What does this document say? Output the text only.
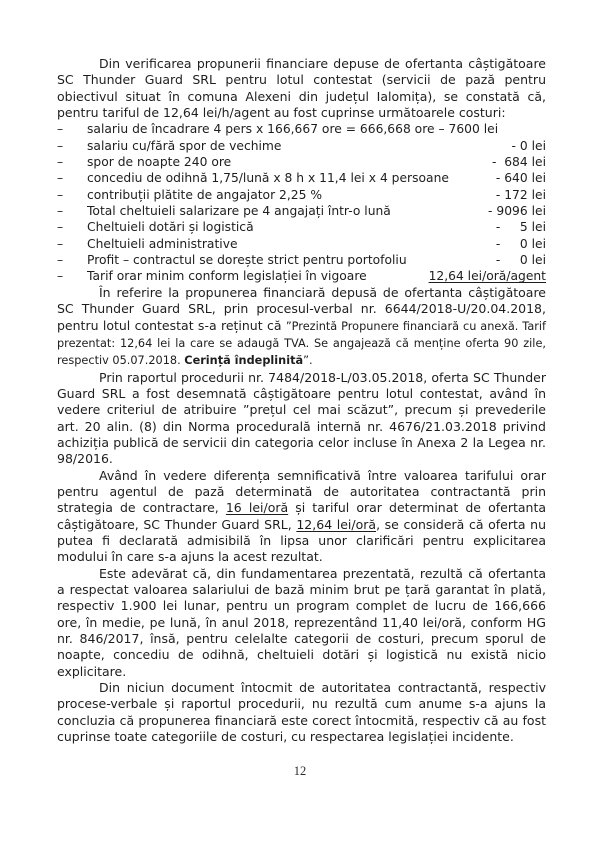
Din verificarea propunerii financiare depuse de ofertanta câștigătoare SC Thunder Guard SRL pentru lotul contestat (servicii de pază pentru obiectivul situat în comuna Alexeni din județul Ialomița), se constată că, pentru tariful de 12,64 lei/h/agent au fost cuprinse următoarele costuri:

–	salariu de încadrare 4 pers x 166,667 ore = 666,668 ore – 7600 lei
–	salariu cu/fără spor de vechime	- 0 lei
–	spor de noapte 240 ore	-  684 lei
–	concediu de odihnă 1,75/lună x 8 h x 11,4 lei x 4 persoane	- 640 lei
–	contribuții plătite de angajator 2,25 %	- 172 lei
–	Total cheltuieli salarizare pe 4 angajați într-o lună	- 9096 lei
–	Cheltuieli dotări și logistică	-     5 lei
–	Cheltuieli administrative	-     0 lei
–	Profit – contractul se dorește strict pentru portofoliu	-     0 lei
–	Tarif orar minim conform legislației în vigoare	12,64 lei/oră/agent

În referire la propunerea financiară depusă de ofertanta câștigătoare SC Thunder Guard SRL, prin procesul-verbal nr. 6644/2018-U/20.04.2018, pentru lotul contestat s-a reținut că ”Prezintă Propunere financiară cu anexă. Tarif prezentat: 12,64 lei la care se adaugă TVA. Se angajează că menține oferta 90 zile, respectiv 05.07.2018. Cerință îndeplinită”.

Prin raportul procedurii nr. 7484/2018-L/03.05.2018, oferta SC Thunder Guard SRL a fost desemnată câștigătoare pentru lotul contestat, având în vedere criteriul de atribuire ”prețul cel mai scăzut”, precum și prevederile art. 20 alin. (8) din Norma procedurală internă nr. 4676/21.03.2018 privind achiziția publică de servicii din categoria celor incluse în Anexa 2 la Legea nr. 98/2016.

Având în vedere diferența semnificativă între valoarea tarifului orar pentru agentul de pază determinată de autoritatea contractantă prin strategia de contractare, 16 lei/oră și tariful orar determinat de ofertanta câștigătoare, SC Thunder Guard SRL, 12,64 lei/oră, se consideră că oferta nu putea fi declarată admisibilă în lipsa unor clarificări pentru explicitarea modului în care s-a ajuns la acest rezultat.

Este adevărat că, din fundamentarea prezentată, rezultă că ofertanta a respectat valoarea salariului de bază minim brut pe țară garantat în plată, respectiv 1.900 lei lunar, pentru un program complet de lucru de 166,666 ore, în medie, pe lună, în anul 2018, reprezentând 11,40 lei/oră, conform HG nr. 846/2017, însă, pentru celelalte categorii de costuri, precum sporul de noapte, concediu de odihnă, cheltuieli dotări și logistică nu există nicio explicitare.

Din niciun document întocmit de autoritatea contractantă, respectiv procese-verbale și raportul procedurii, nu rezultă cum anume s-a ajuns la concluzia că propunerea financiară este corect întocmită, respectiv că au fost cuprinse toate categoriile de costuri, cu respectarea legislației incidente.

12
